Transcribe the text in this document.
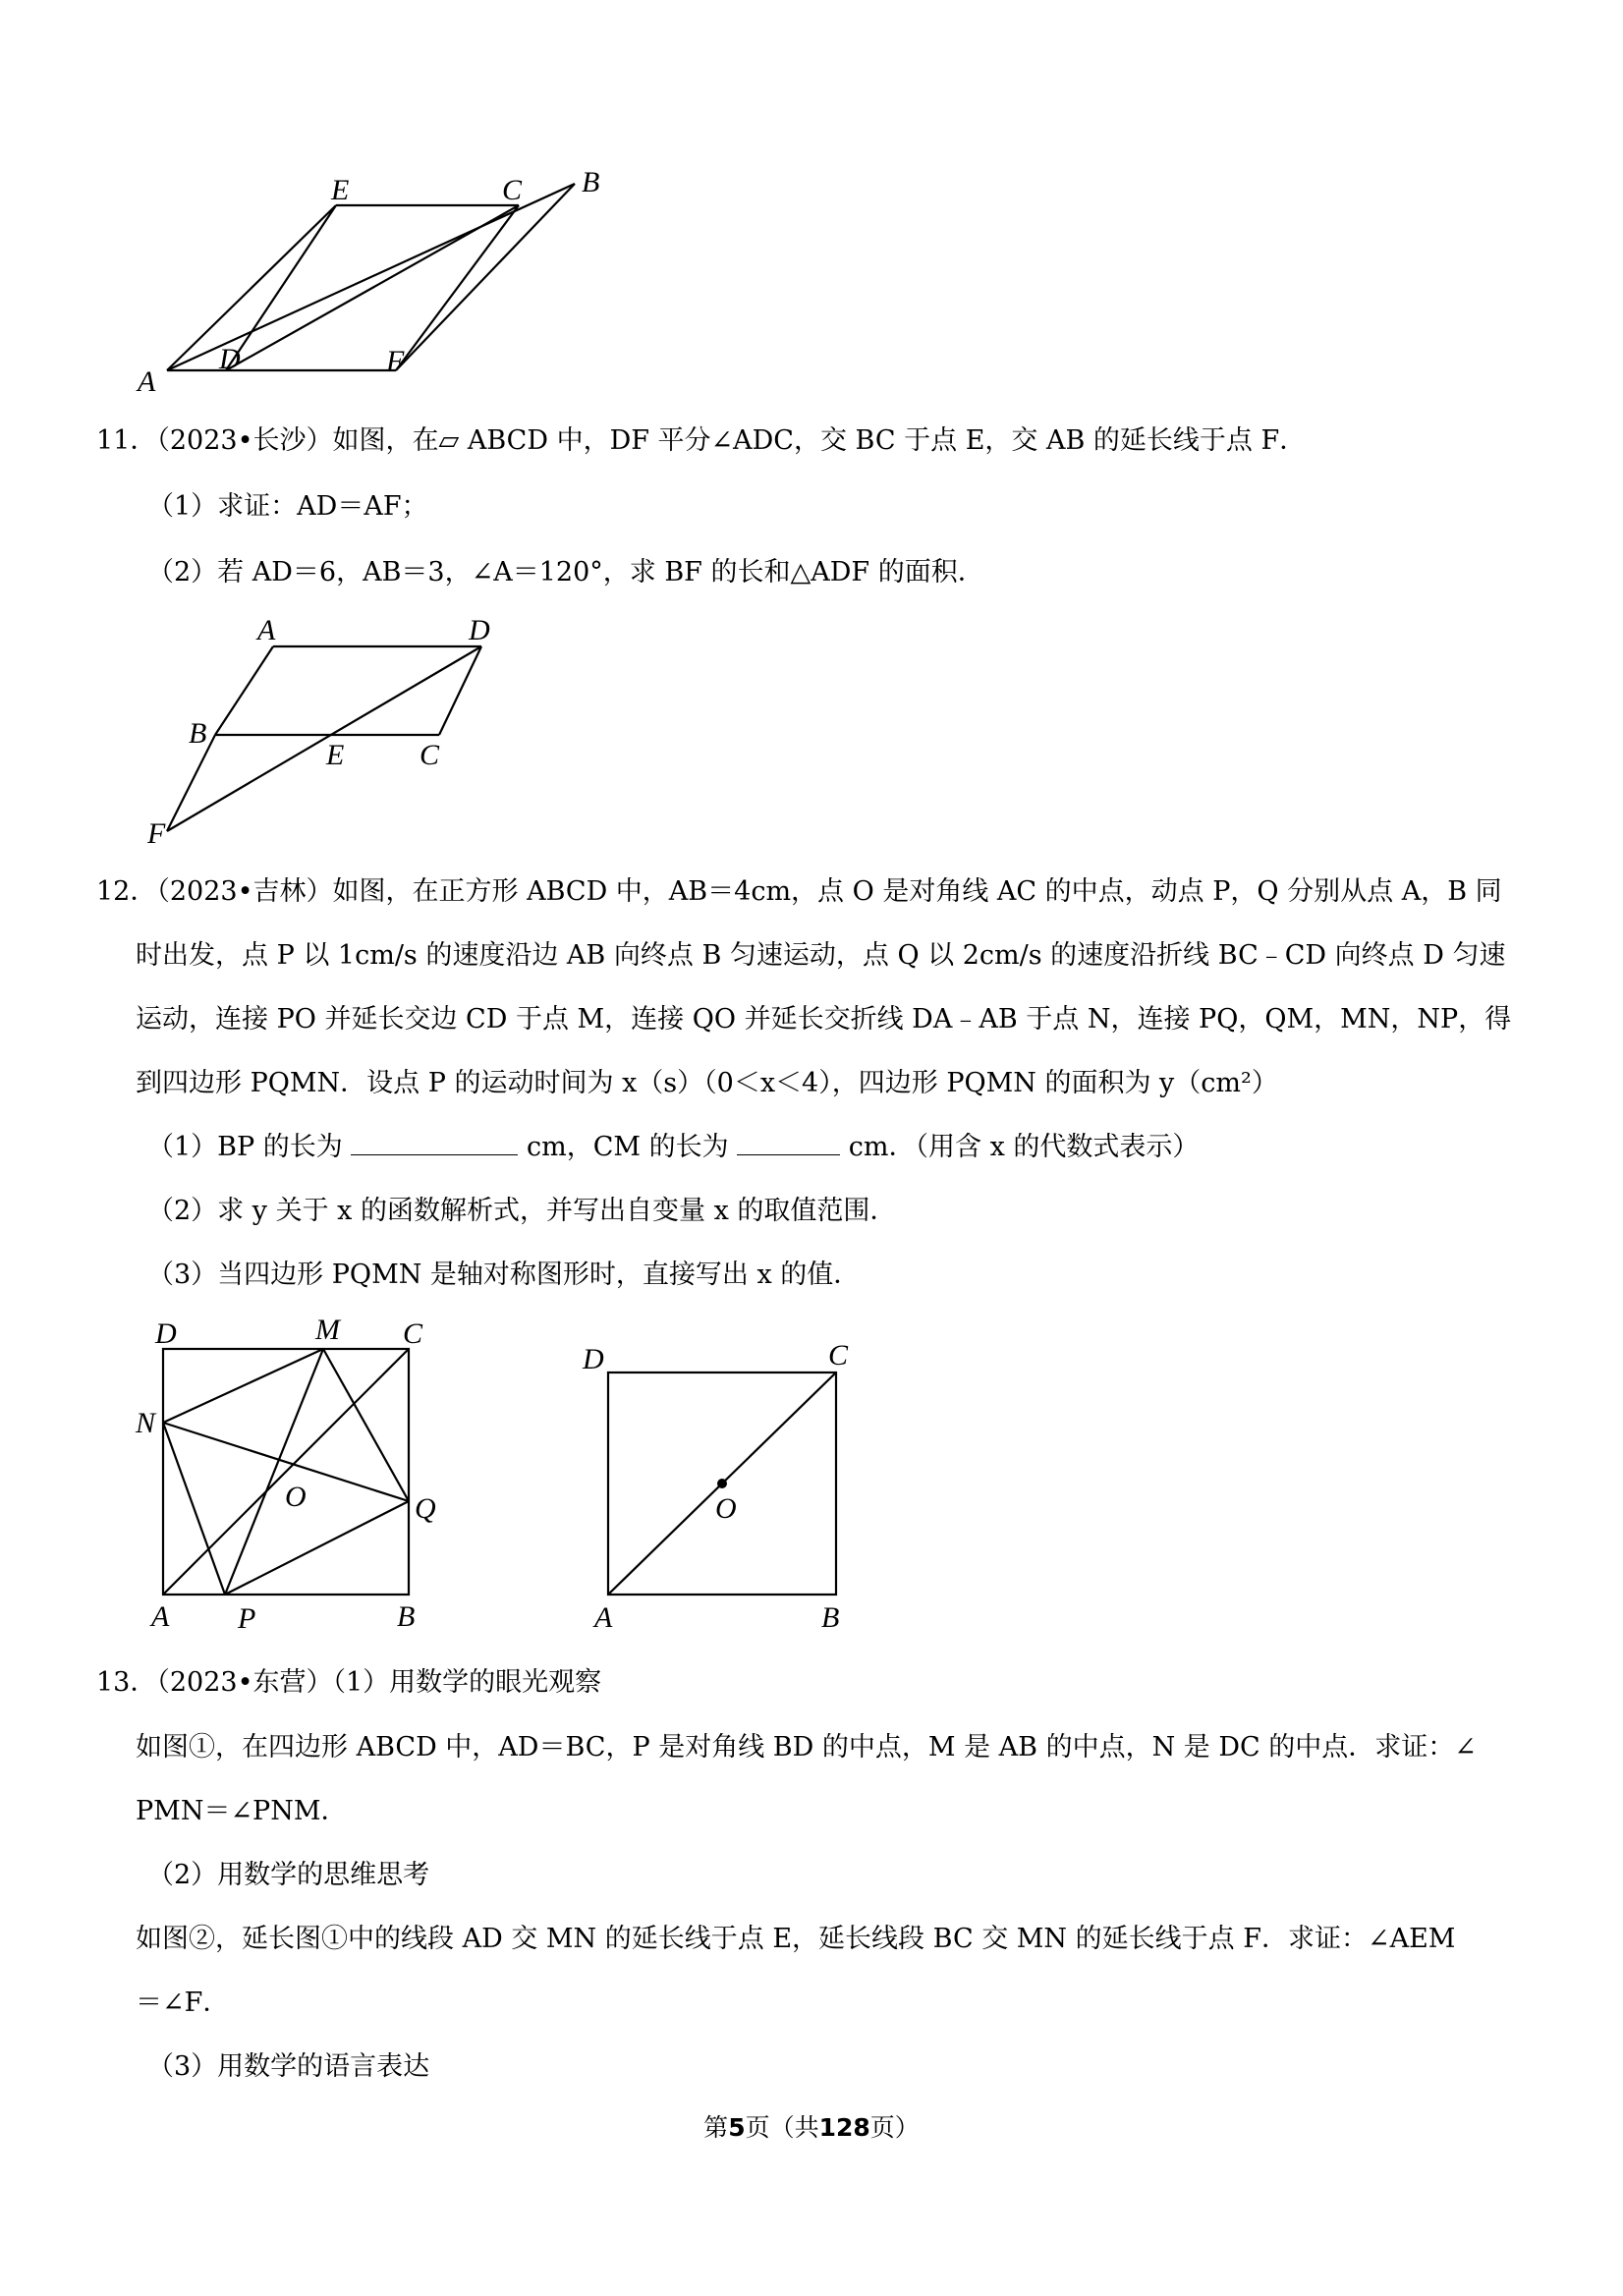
E	C B
A
D	F
11．（2023•长沙）如图，在▱ ABCD 中，DF 平分∠ADC，交 BC 于点 E，交 AB 的延长线于点 F．
（1）求证：AD＝AF；
（2）若 AD＝6，AB＝3，∠A＝120°，求 BF 的长和△ADF 的面积．
A	D
B
E	C
F
12．（2023•吉林）如图，在正方形 ABCD 中，AB＝4cm，点 O 是对角线 AC 的中点，动点 P，Q 分别从点 A，B 同
时出发，点 P 以 1cm/s 的速度沿边 AB 向终点 B 匀速运动，点 Q 以 2cm/s 的速度沿折线 BC﹣CD 向终点 D 匀速
运动，连接 PO 并延长交边 CD 于点 M，连接 QO 并延长交折线 DA﹣AB 于点 N，连接 PQ，QM，MN，NP，得
到四边形 PQMN．设点 P 的运动时间为 x（s）（0＜x＜4），四边形 PQMN 的面积为 y（cm²）
（1）BP 的长为	cm，CM 的长为	cm．（用含 x 的代数式表示）
（2）求 y 关于 x 的函数解析式，并写出自变量 x 的取值范围．
（3）当四边形 PQMN 是轴对称图形时，直接写出 x 的值．
D	M C
N
O	Q
A P	B
D	C
O
A	B
13．（2023•东营）（1）用数学的眼光观察
如图①，在四边形 ABCD 中，AD＝BC，P 是对角线 BD 的中点，M 是 AB 的中点，N 是 DC 的中点．求证：∠
PMN＝∠PNM．
（2）用数学的思维思考
如图②，延长图①中的线段 AD 交 MN 的延长线于点 E，延长线段 BC 交 MN 的延长线于点 F．求证：∠AEM
＝∠F．
（3）用数学的语言表达
第5页（共128页）
